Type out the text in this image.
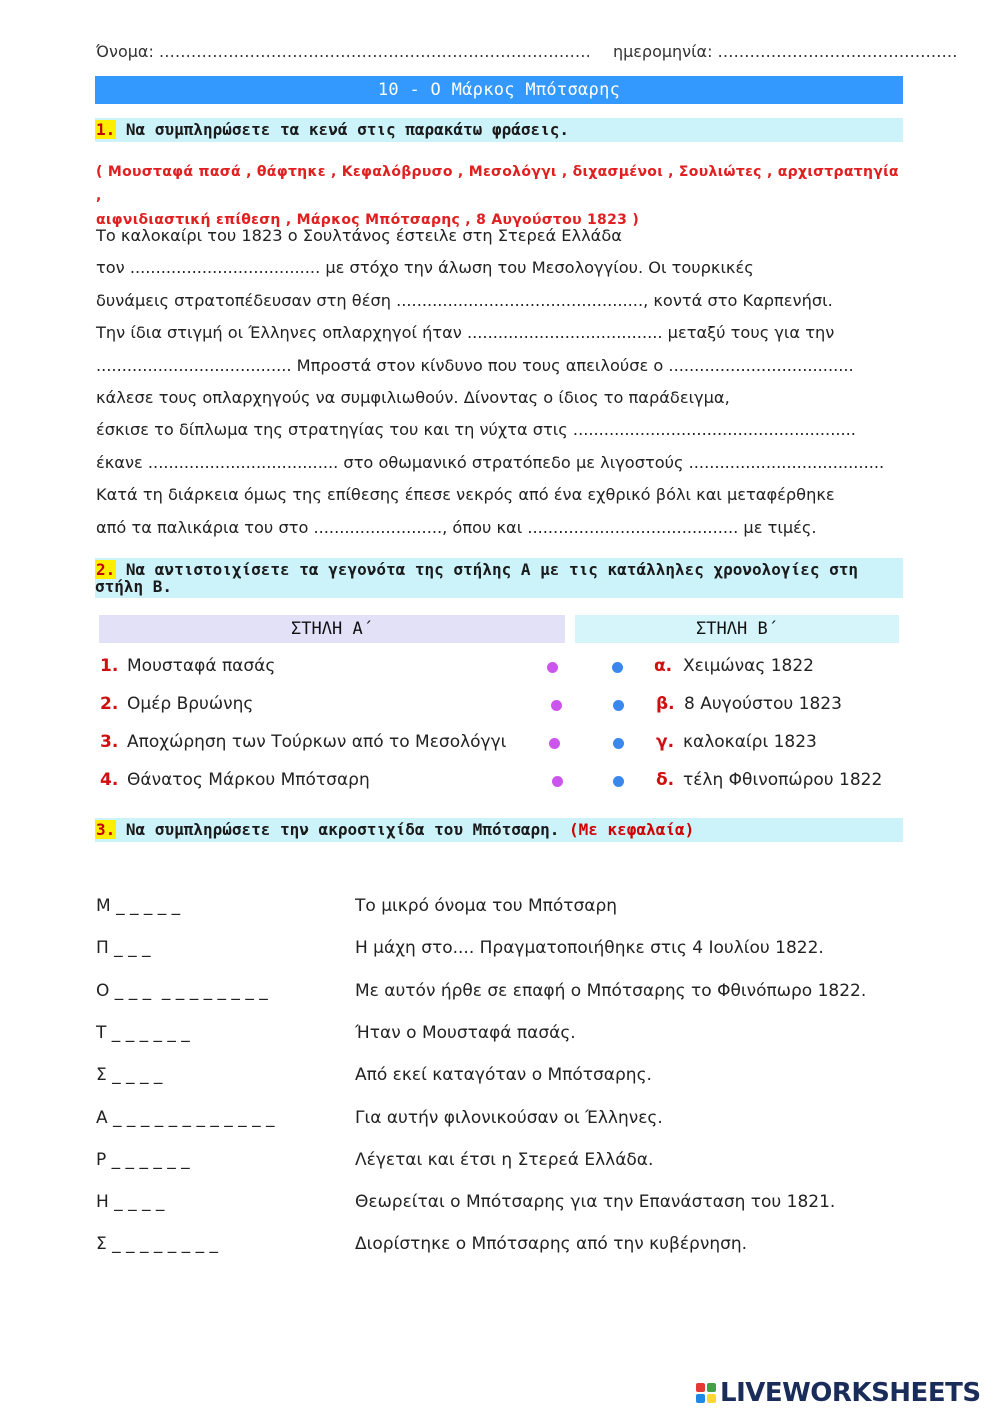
Όνομα: ……………………………………………………………………… ημερομηνία: ………………………………………
10 - Ο Μάρκος Μπότσαρης
1. Να συμπληρώσετε τα κενά στις παρακάτω φράσεις.
( Μουσταφά πασά , θάφτηκε , Κεφαλόβρυσο , Μεσολόγγι , διχασμένοι , Σουλιώτες , αρχιστρατηγία ,
αιφνιδιαστική επίθεση , Μάρκος Μπότσαρης , 8 Αυγούστου 1823 )
Το καλοκαίρι του 1823 ο Σουλτάνος έστειλε στη Στερεά Ελλάδα
τον ..................................... με στόχο την άλωση του Μεσολογγίου. Οι τουρκικές
δυνάμεις στρατοπέδευσαν στη θέση ................................................, κοντά στο Καρπενήσι.
Την ίδια στιγμή οι Έλληνες οπλαρχηγοί ήταν ...................................... μεταξύ τους για την
...................................... Μπροστά στον κίνδυνο που τους απειλούσε ο ....................................
κάλεσε τους οπλαρχηγούς να συμφιλιωθούν. Δίνοντας ο ίδιος το παράδειγμα,
έσκισε το δίπλωμα της στρατηγίας του και τη νύχτα στις .......................................................
έκανε ..................................... στο οθωμανικό στρατόπεδο με λιγοστούς ......................................
Κατά τη διάρκεια όμως της επίθεσης έπεσε νεκρός από ένα εχθρικό βόλι και μεταφέρθηκε
από τα παλικάρια του στο ........................., όπου και ......................................... με τιμές.
2. Να αντιστοιχίσετε τα γεγονότα της στήλης Α με τις κατάλληλες χρονολογίες στη
στήλη Β.
ΣΤΗΛΗ Α΄	ΣΤΗΛΗ Β΄
1. Μουσταφά πασάς	α. Χειμώνας 1822
2. Ομέρ Βρυώνης	β. 8 Αυγούστου 1823
3. Αποχώρηση των Τούρκων από το Μεσολόγγι	γ. καλοκαίρι 1823
4. Θάνατος Μάρκου Μπότσαρη	δ. τέλη Φθινοπώρου 1822
3. Να συμπληρώσετε την ακροστιχίδα του Μπότσαρη. (Με κεφαλαία)
Μ _ _ _ _ _	Το μικρό όνομα του Μπότσαρη
Π _ _ _	Η μάχη στο.... Πραγματοποιήθηκε στις 4 Ιουλίου 1822.
Ο _ _ _  _ _ _ _ _ _ _ _	Με αυτόν ήρθε σε επαφή ο Μπότσαρης το Φθινόπωρο 1822.
Τ _ _ _ _ _ _	Ήταν ο Μουσταφά πασάς.
Σ _ _ _ _	Από εκεί καταγόταν ο Μπότσαρης.
Α _ _ _ _ _ _ _ _ _ _ _ _	Για αυτήν φιλονικούσαν οι Έλληνες.
Ρ _ _ _ _ _ _	Λέγεται και έτσι η Στερεά Ελλάδα.
Η _ _ _ _	Θεωρείται ο Μπότσαρης για την Επανάσταση του 1821.
Σ _ _ _ _ _ _ _ _	Διορίστηκε ο Μπότσαρης από την κυβέρνηση.
LIVEWORKSHEETS
